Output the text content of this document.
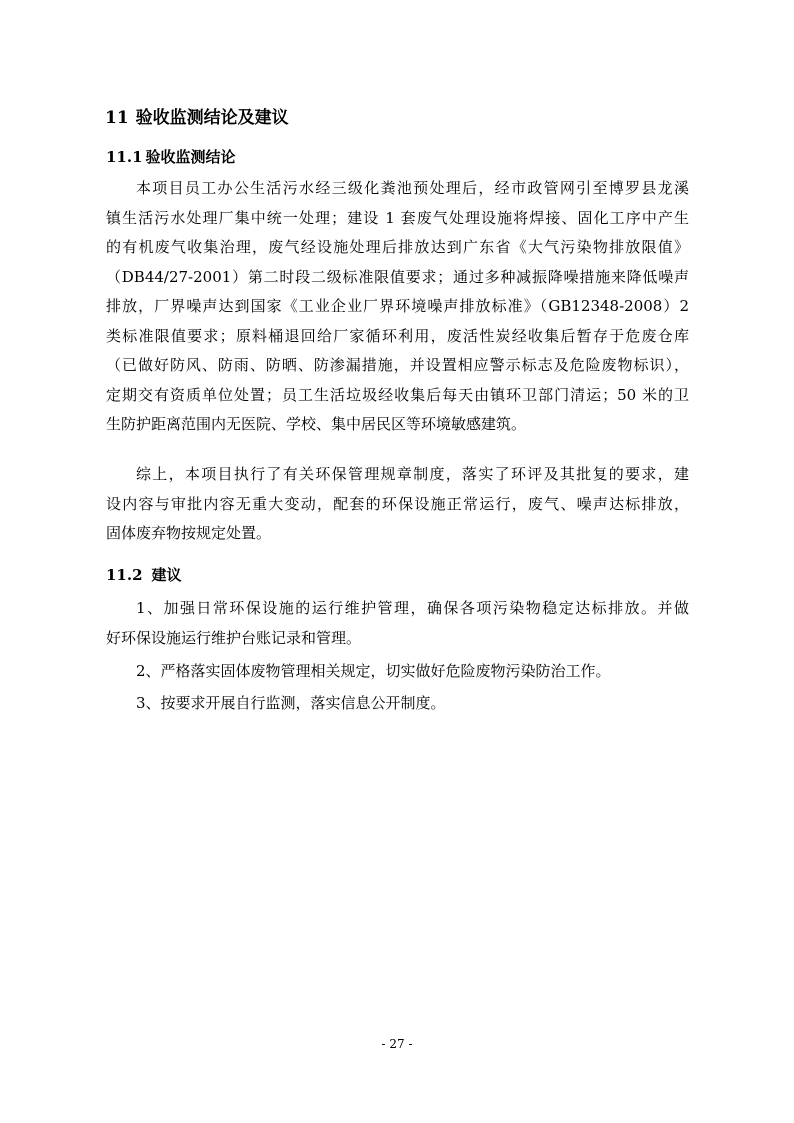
11 验收监测结论及建议
11.1 验收监测结论
本项目员工办公生活污水经三级化粪池预处理后，经市政管网引至博罗县龙溪
镇生活污水处理厂集中统一处理；建设 1 套废气处理设施将焊接、固化工序中产生
的有机废气收集治理，废气经设施处理后排放达到广东省《大气污染物排放限值》
（DB44/27-2001）第二时段二级标准限值要求；通过多种减振降噪措施来降低噪声
排放，厂界噪声达到国家《工业企业厂界环境噪声排放标准》（GB12348-2008）2
类标准限值要求；原料桶退回给厂家循环利用，废活性炭经收集后暂存于危废仓库
（已做好防风、防雨、防晒、防渗漏措施，并设置相应警示标志及危险废物标识），
定期交有资质单位处置；员工生活垃圾经收集后每天由镇环卫部门清运；50 米的卫
生防护距离范围内无医院、学校、集中居民区等环境敏感建筑。
综上，本项目执行了有关环保管理规章制度，落实了环评及其批复的要求，建
设内容与审批内容无重大变动，配套的环保设施正常运行，废气、噪声达标排放，
固体废弃物按规定处置。
11.2 建议
1、加强日常环保设施的运行维护管理，确保各项污染物稳定达标排放。并做
好环保设施运行维护台账记录和管理。
2、严格落实固体废物管理相关规定，切实做好危险废物污染防治工作。
3、按要求开展自行监测，落实信息公开制度。
- 27 -
